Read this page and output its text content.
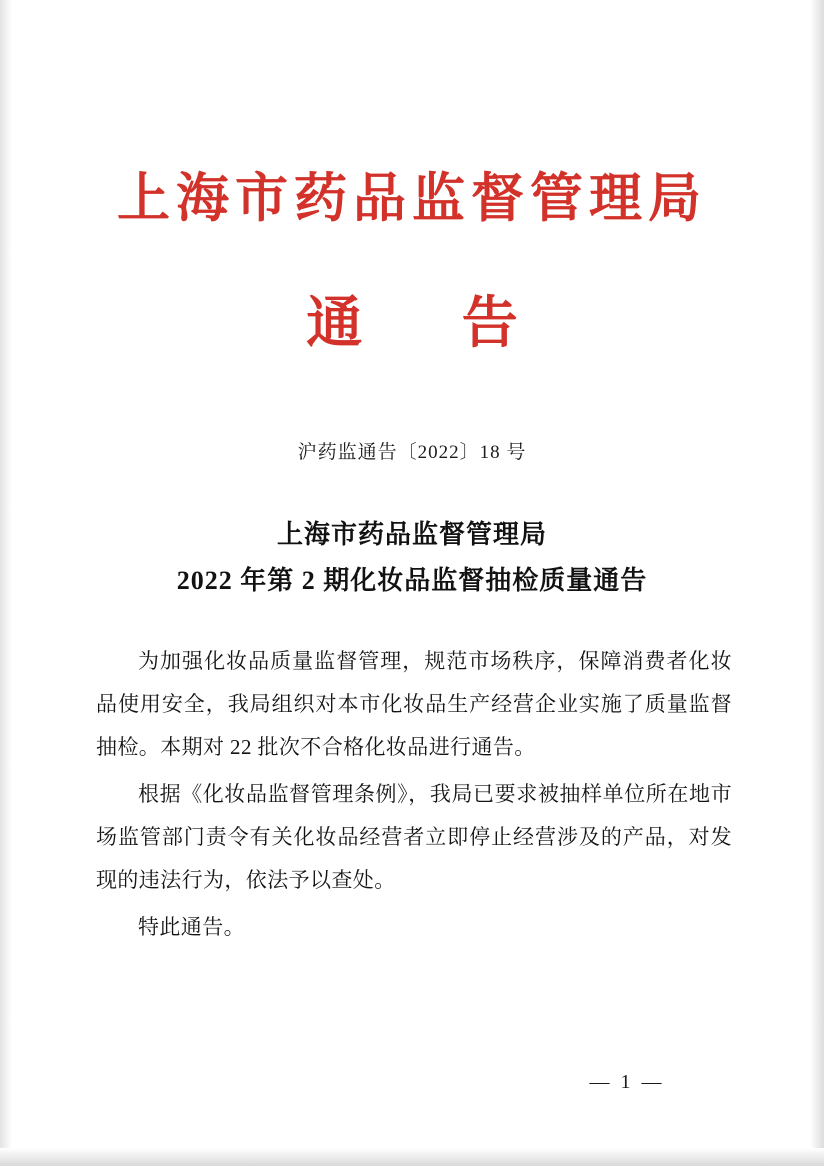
上海市药品监督管理局
通 告
沪药监通告〔2022〕18 号
上海市药品监督管理局
2022 年第 2 期化妆品监督抽检质量通告

为加强化妆品质量监督管理，规范市场秩序，保障消费者化妆品使用安全，我局组织对本市化妆品生产经营企业实施了质量监督抽检。本期对 22 批次不合格化妆品进行通告。

根据《化妆品监督管理条例》，我局已要求被抽样单位所在地市场监管部门责令有关化妆品经营者立即停止经营涉及的产品，对发现的违法行为，依法予以查处。

特此通告。

— 1 —
